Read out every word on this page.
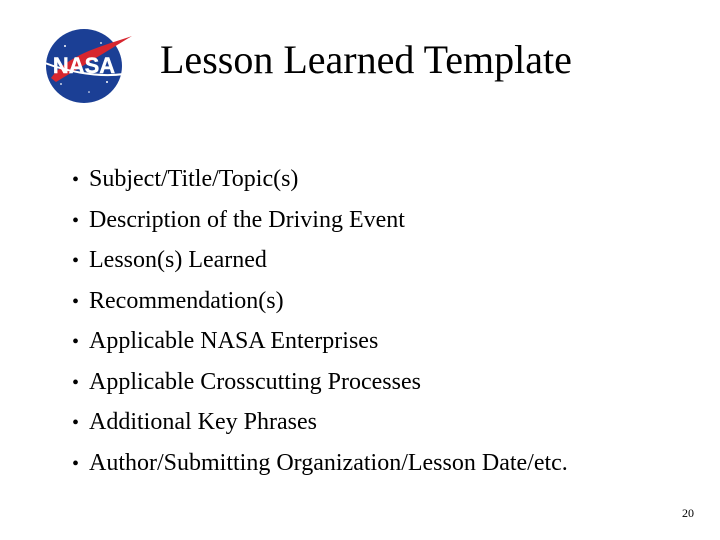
NASA Lesson Learned Template
• Subject/Title/Topic(s)
• Description of the Driving Event
• Lesson(s) Learned
• Recommendation(s)
• Applicable NASA Enterprises
• Applicable Crosscutting Processes
• Additional Key Phrases
• Author/Submitting Organization/Lesson Date/etc.
20
